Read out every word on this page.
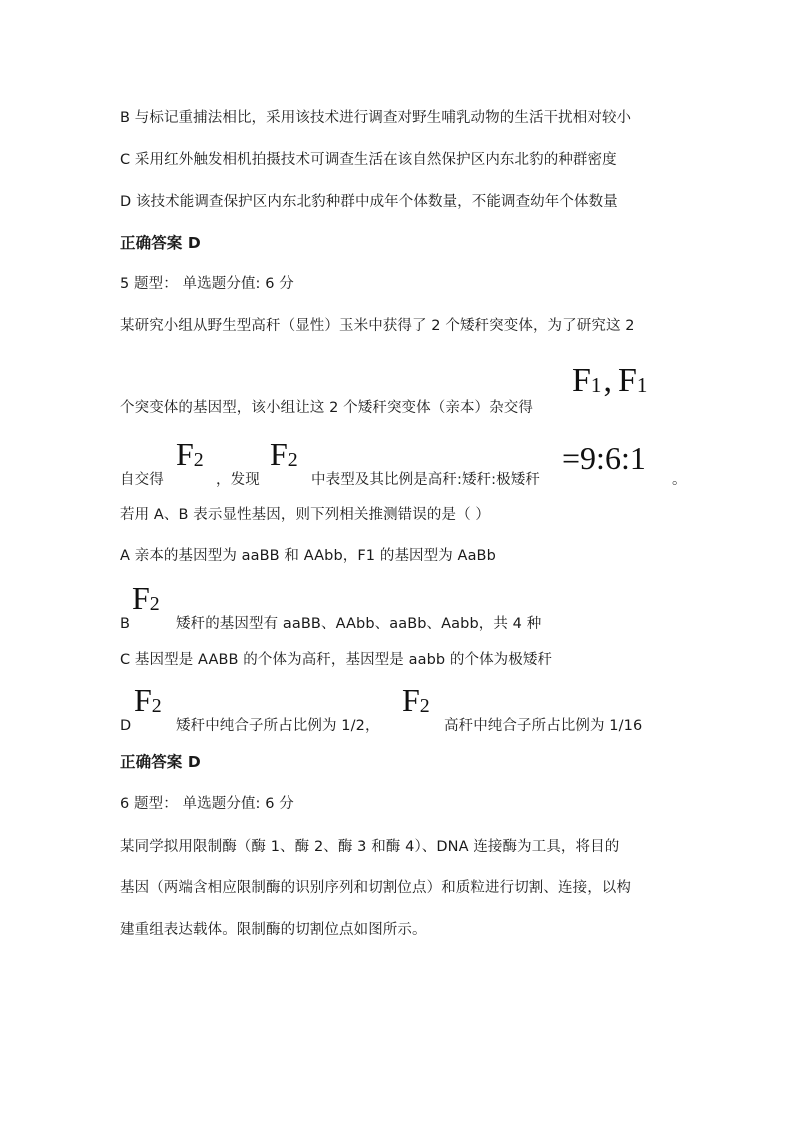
B 与标记重捕法相比，采用该技术进行调查对野生哺乳动物的生活干扰相对较小
C 采用红外触发相机拍摄技术可调查生活在该自然保护区内东北豹的种群密度
D 该技术能调查保护区内东北豹种群中成年个体数量，不能调查幼年个体数量
正确答案 D
5 题型： 单选题分值: 6 分
某研究小组从野生型高秆（显性）玉米中获得了 2 个矮秆突变体，为了研究这 2
个突变体的基因型，该小组让这 2 个矮秆突变体（亲本）杂交得
$F_1$, $F_1$
自交得
$F_2$
，发现
$F_2$
中表型及其比例是高秆:矮秆:极矮秆
=9:6:1
。
若用 A、B 表示显性基因，则下列相关推测错误的是（ ）
A 亲本的基因型为 aaBB 和 AAbb，F1 的基因型为 AaBb
B
$F_2$
矮秆的基因型有 aaBB、AAbb、aaBb、Aabb，共 4 种
C 基因型是 AABB 的个体为高秆，基因型是 aabb 的个体为极矮秆
D
$F_2$
矮秆中纯合子所占比例为 1/2，
$F_2$
高秆中纯合子所占比例为 1/16
正确答案 D
6 题型： 单选题分值: 6 分
某同学拟用限制酶（酶 1、酶 2、酶 3 和酶 4）、DNA 连接酶为工具，将目的
基因（两端含相应限制酶的识别序列和切割位点）和质粒进行切割、连接，以构
建重组表达载体。限制酶的切割位点如图所示。
